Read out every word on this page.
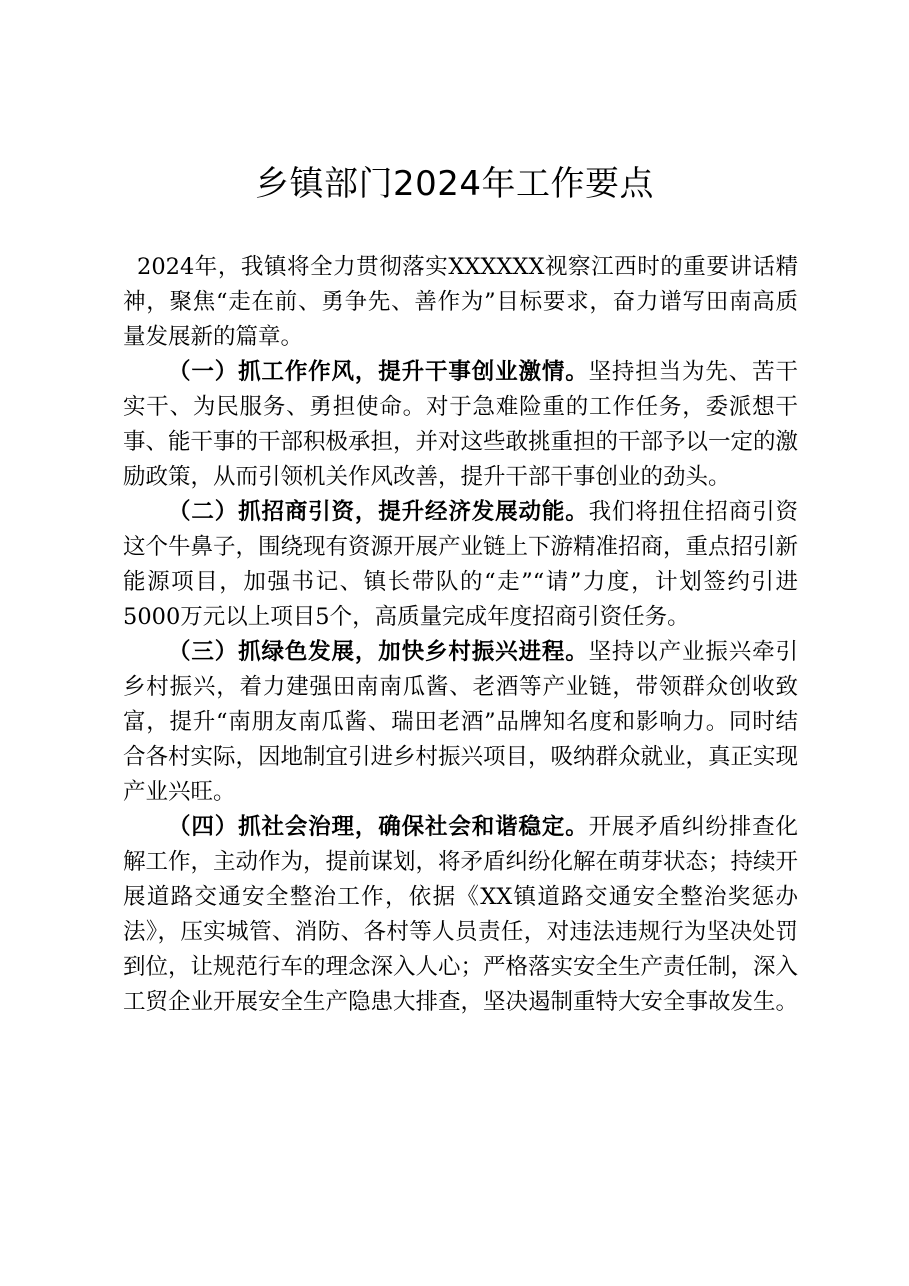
乡镇部门2024年工作要点

2024年，我镇将全力贯彻落实XXXXXX视察江西时的重要讲话精神，聚焦“走在前、勇争先、善作为”目标要求，奋力谱写田南高质量发展新的篇章。

（一）抓工作作风，提升干事创业激情。坚持担当为先、苦干实干、为民服务、勇担使命。对于急难险重的工作任务，委派想干事、能干事的干部积极承担，并对这些敢挑重担的干部予以一定的激励政策，从而引领机关作风改善，提升干部干事创业的劲头。

（二）抓招商引资，提升经济发展动能。我们将扭住招商引资这个牛鼻子，围绕现有资源开展产业链上下游精准招商，重点招引新能源项目，加强书记、镇长带队的“走”“请”力度，计划签约引进5000万元以上项目5个，高质量完成年度招商引资任务。

（三）抓绿色发展，加快乡村振兴进程。坚持以产业振兴牵引乡村振兴，着力建强田南南瓜酱、老酒等产业链，带领群众创收致富，提升“南朋友南瓜酱、瑞田老酒”品牌知名度和影响力。同时结合各村实际，因地制宜引进乡村振兴项目，吸纳群众就业，真正实现产业兴旺。

（四）抓社会治理，确保社会和谐稳定。开展矛盾纠纷排查化解工作，主动作为，提前谋划，将矛盾纠纷化解在萌芽状态；持续开展道路交通安全整治工作，依据《XX镇道路交通安全整治奖惩办法》，压实城管、消防、各村等人员责任，对违法违规行为坚决处罚到位，让规范行车的理念深入人心；严格落实安全生产责任制，深入工贸企业开展安全生产隐患大排查，坚决遏制重特大安全事故发生。
